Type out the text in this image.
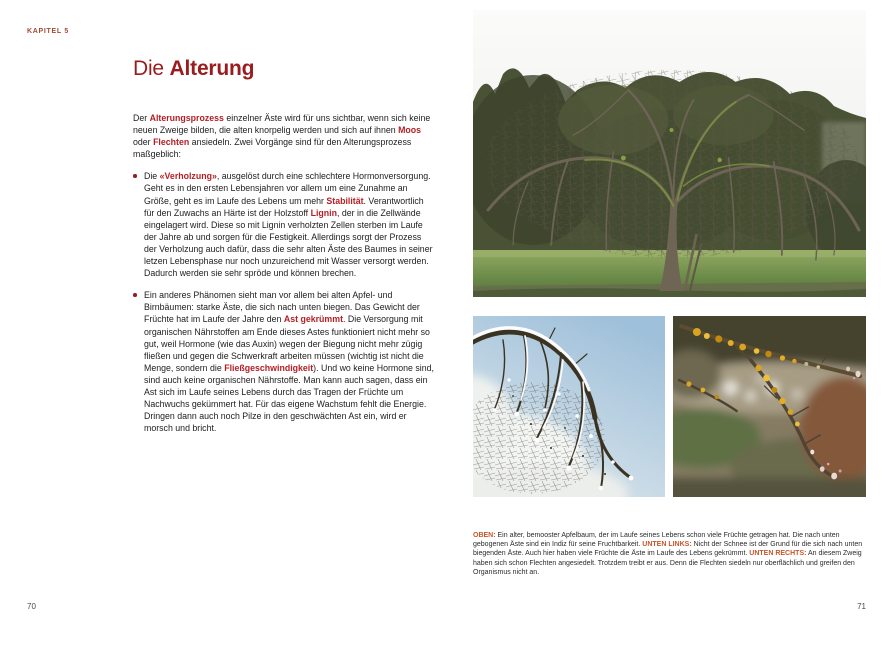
KAPITEL 5
Die Alterung

Der Alterungsprozess einzelner Äste wird für uns sichtbar, wenn sich keine neuen Zweige bilden, die alten knorpelig werden und sich auf ihnen Moos oder Flechten ansiedeln. Zwei Vorgänge sind für den Alterungsprozess maßgeblich:

Die «Verholzung», ausgelöst durch eine schlechtere Hormonversorgung. Geht es in den ersten Lebensjahren vor allem um eine Zunahme an Größe, geht es im Laufe des Lebens um mehr Stabilität. Verantwortlich für den Zuwachs an Härte ist der Holzstoff Lignin, der in die Zellwände eingelagert wird. Diese so mit Lignin verholzten Zellen sterben im Laufe der Jahre ab und sorgen für die Festigkeit. Allerdings sorgt der Prozess der Verholzung auch dafür, dass die sehr alten Äste des Baumes in seiner letzen Lebensphase nur noch unzureichend mit Wasser versorgt werden. Dadurch werden sie sehr spröde und können brechen.
Ein anderes Phänomen sieht man vor allem bei alten Apfel- und Birnbäumen: starke Äste, die sich nach unten biegen. Das Gewicht der Früchte hat im Laufe der Jahre den Ast gekrümmt. Die Versorgung mit organischen Nährstoffen am Ende dieses Astes funktioniert nicht mehr so gut, weil Hormone (wie das Auxin) wegen der Biegung nicht mehr zügig fließen und gegen die Schwerkraft arbeiten müssen (wichtig ist nicht die Menge, sondern die Fließgeschwindigkeit). Und wo keine Hormone sind, sind auch keine organischen Nährstoffe. Man kann auch sagen, dass ein Ast sich im Laufe seines Lebens durch das Tragen der Früchte um Nachwuchs gekümmert hat. Für das eigene Wachstum fehlt die Energie. Dringen dann auch noch Pilze in den geschwächten Ast ein, wird er morsch und bricht.
OBEN: Ein alter, bemooster Apfelbaum, der im Laufe seines Lebens schon viele Früchte getragen hat. Die nach unten gebogenen Äste sind ein Indiz für seine Fruchtbarkeit. UNTEN LINKS: Nicht der Schnee ist der Grund für die sich nach unten biegenden Äste. Auch hier haben viele Früchte die Äste im Laufe des Lebens gekrümmt. UNTEN RECHTS: An diesem Zweig haben sich schon Flechten angesiedelt. Trotzdem treibt er aus. Denn die Flechten siedeln nur oberflächlich und greifen den Organismus nicht an.
70	71
